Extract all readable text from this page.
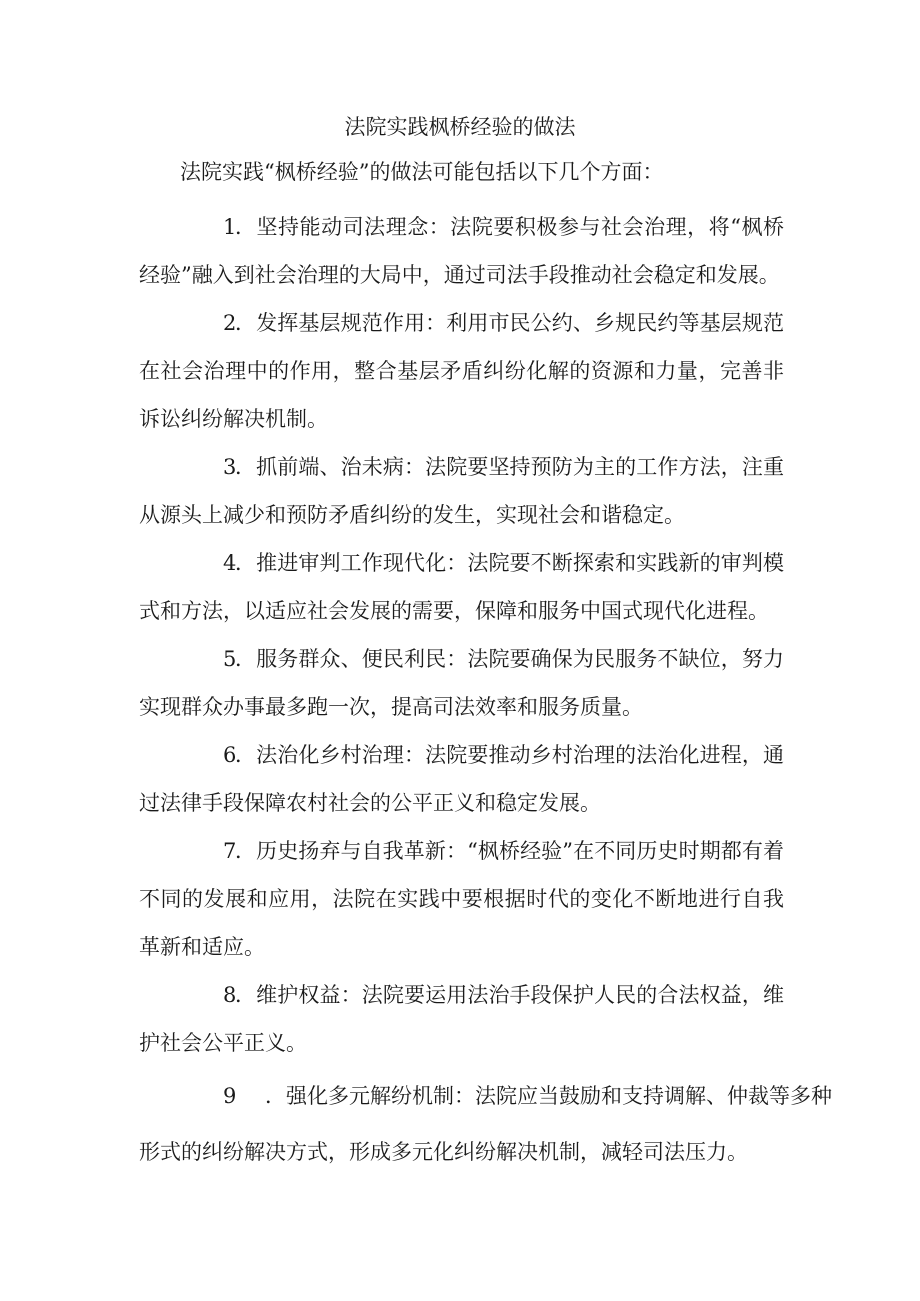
法院实践枫桥经验的做法
法院实践“枫桥经验”的做法可能包括以下几个方面：
1．坚持能动司法理念：法院要积极参与社会治理，将“枫桥经验”融入到社会治理的大局中，通过司法手段推动社会稳定和发展。
2．发挥基层规范作用：利用市民公约、乡规民约等基层规范在社会治理中的作用，整合基层矛盾纠纷化解的资源和力量，完善非诉讼纠纷解决机制。
3．抓前端、治未病：法院要坚持预防为主的工作方法，注重从源头上减少和预防矛盾纠纷的发生，实现社会和谐稳定。
4．推进审判工作现代化：法院要不断探索和实践新的审判模式和方法，以适应社会发展的需要，保障和服务中国式现代化进程。
5．服务群众、便民利民：法院要确保为民服务不缺位，努力实现群众办事最多跑一次，提高司法效率和服务质量。
6．法治化乡村治理：法院要推动乡村治理的法治化进程，通过法律手段保障农村社会的公平正义和稳定发展。
7．历史扬弃与自我革新：“枫桥经验”在不同历史时期都有着不同的发展和应用，法院在实践中要根据时代的变化不断地进行自我革新和适应。
8．维护权益：法院要运用法治手段保护人民的合法权益，维护社会公平正义。
9 ．强化多元解纷机制：法院应当鼓励和支持调解、仲裁等多种
形式的纠纷解决方式，形成多元化纠纷解决机制，减轻司法压力。
